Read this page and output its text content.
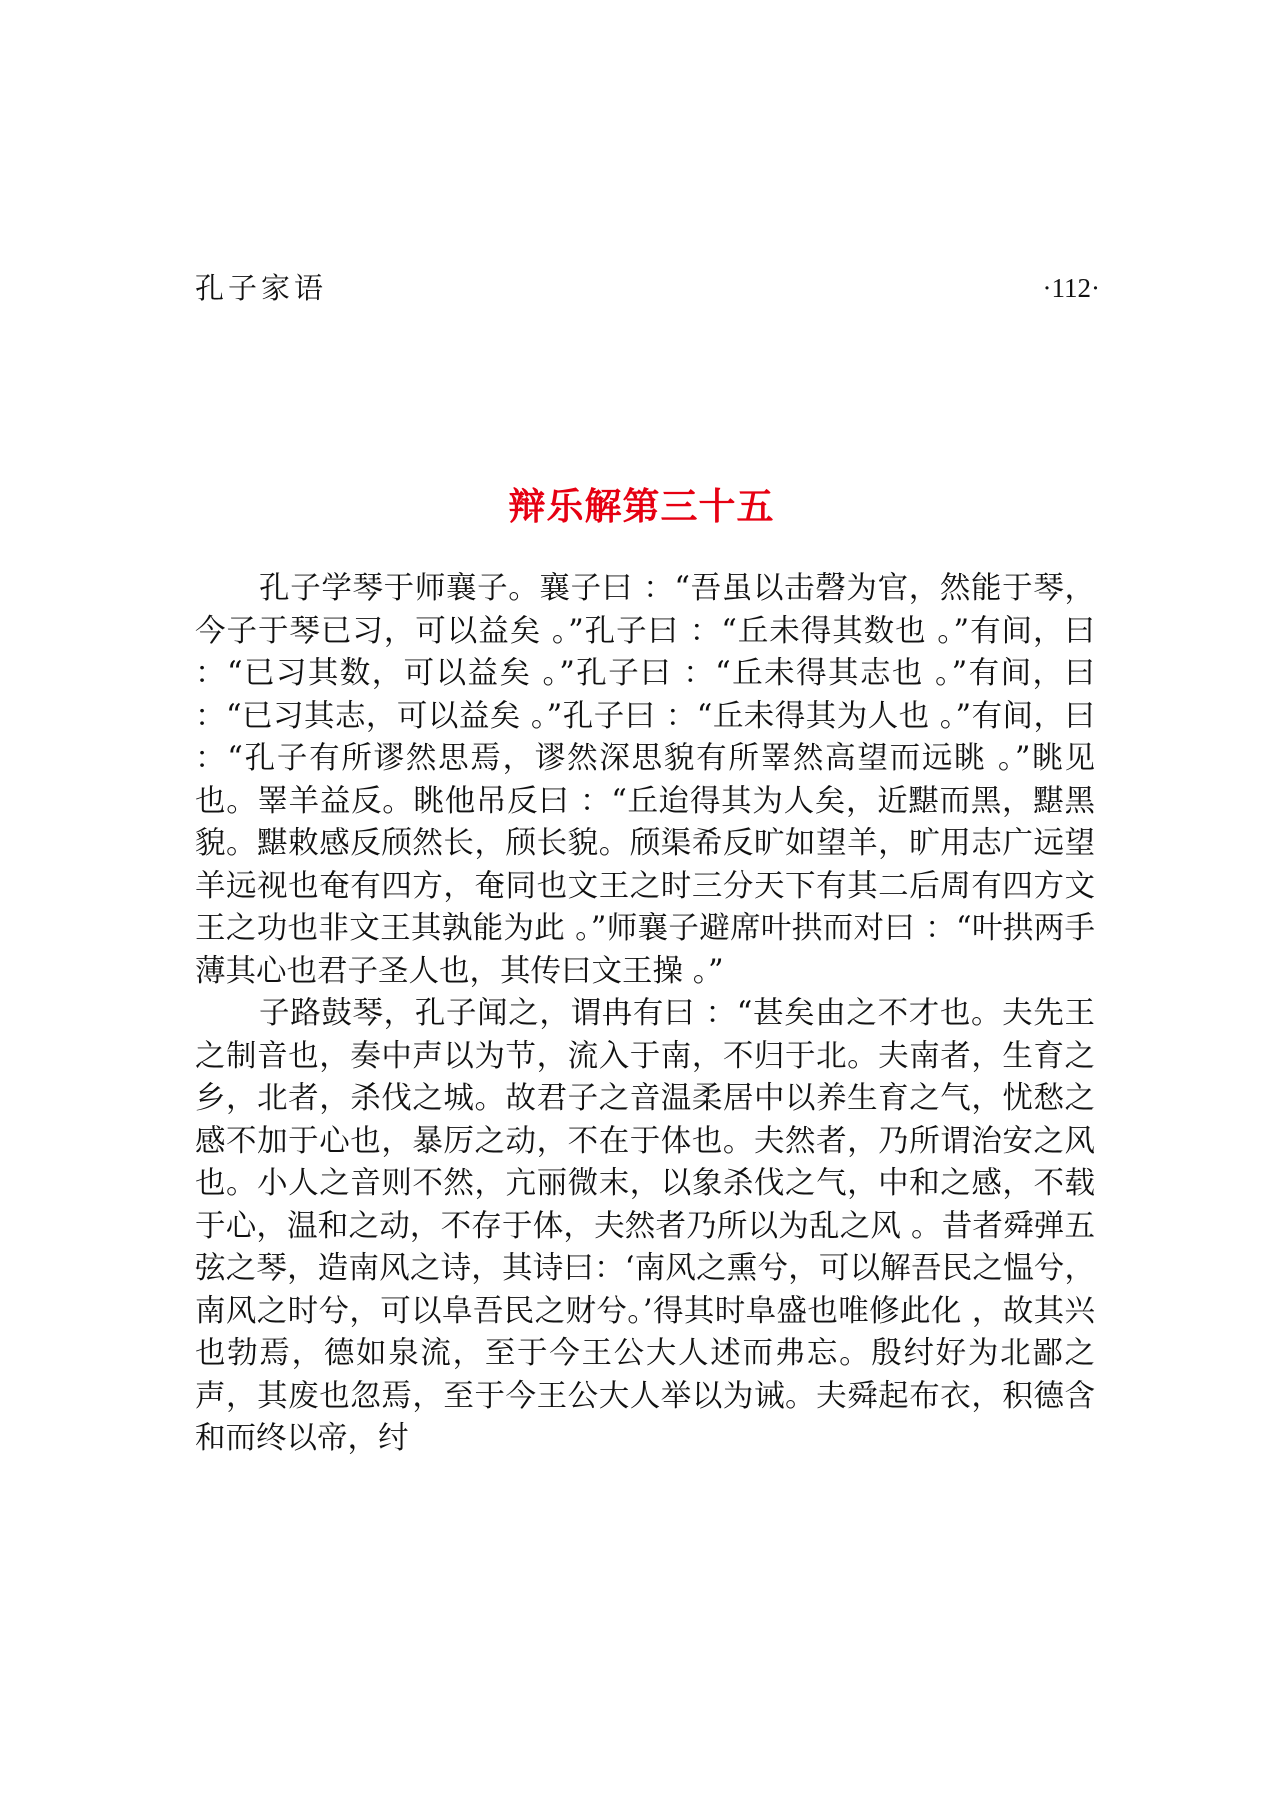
孔子家语	·112·
辩乐解第三十五

孔子学琴于师襄子。襄子曰 ：“吾虽以击磬为官，然能于琴，今子于琴已习，可以益矣 。”孔子曰 ：“丘未得其数也 。”有间，曰 ：“已习其数，可以益矣 。”孔子曰 ：“丘未得其志也 。”有间，曰 ：“已习其志，可以益矣 。”孔子曰 ：“丘未得其为人也 。”有间，曰 ：“孔子有所谬然思焉，谬然深思貌有所睪然高望而远眺 。”眺见也。睪羊益反。眺他吊反曰 ：“丘迨得其为人矣，近黮而黑，黮黑貌。黮敕感反颀然长，颀长貌。颀渠希反旷如望羊，旷用志广远望羊远视也奄有四方，奄同也文王之时三分天下有其二后周有四方文王之功也非文王其孰能为此 。”师襄子避席叶拱而对曰 ：“叶拱两手薄其心也君子圣人也，其传曰文王操 。”

子路鼓琴，孔子闻之，谓冉有曰 ：“甚矣由之不才也。夫先王之制音也，奏中声以为节，流入于南，不归于北。夫南者，生育之乡，北者，杀伐之城。故君子之音温柔居中以养生育之气，忧愁之感不加于心也，暴厉之动，不在于体也。夫然者，乃所谓治安之风也。小人之音则不然，亢丽微末，以象杀伐之气，中和之感，不载于心，温和之动，不存于体，夫然者乃所以为乱之风 。昔者舜弹五弦之琴，造南风之诗，其诗曰：‘南风之熏兮，可以解吾民之愠兮，南风之时兮，可以阜吾民之财兮。’得其时阜盛也唯修此化 ，故其兴也勃焉，德如泉流，至于今王公大人述而弗忘。殷纣好为北鄙之声，其废也忽焉，至于今王公大人举以为诫。夫舜起布衣，积德含和而终以帝，纣
